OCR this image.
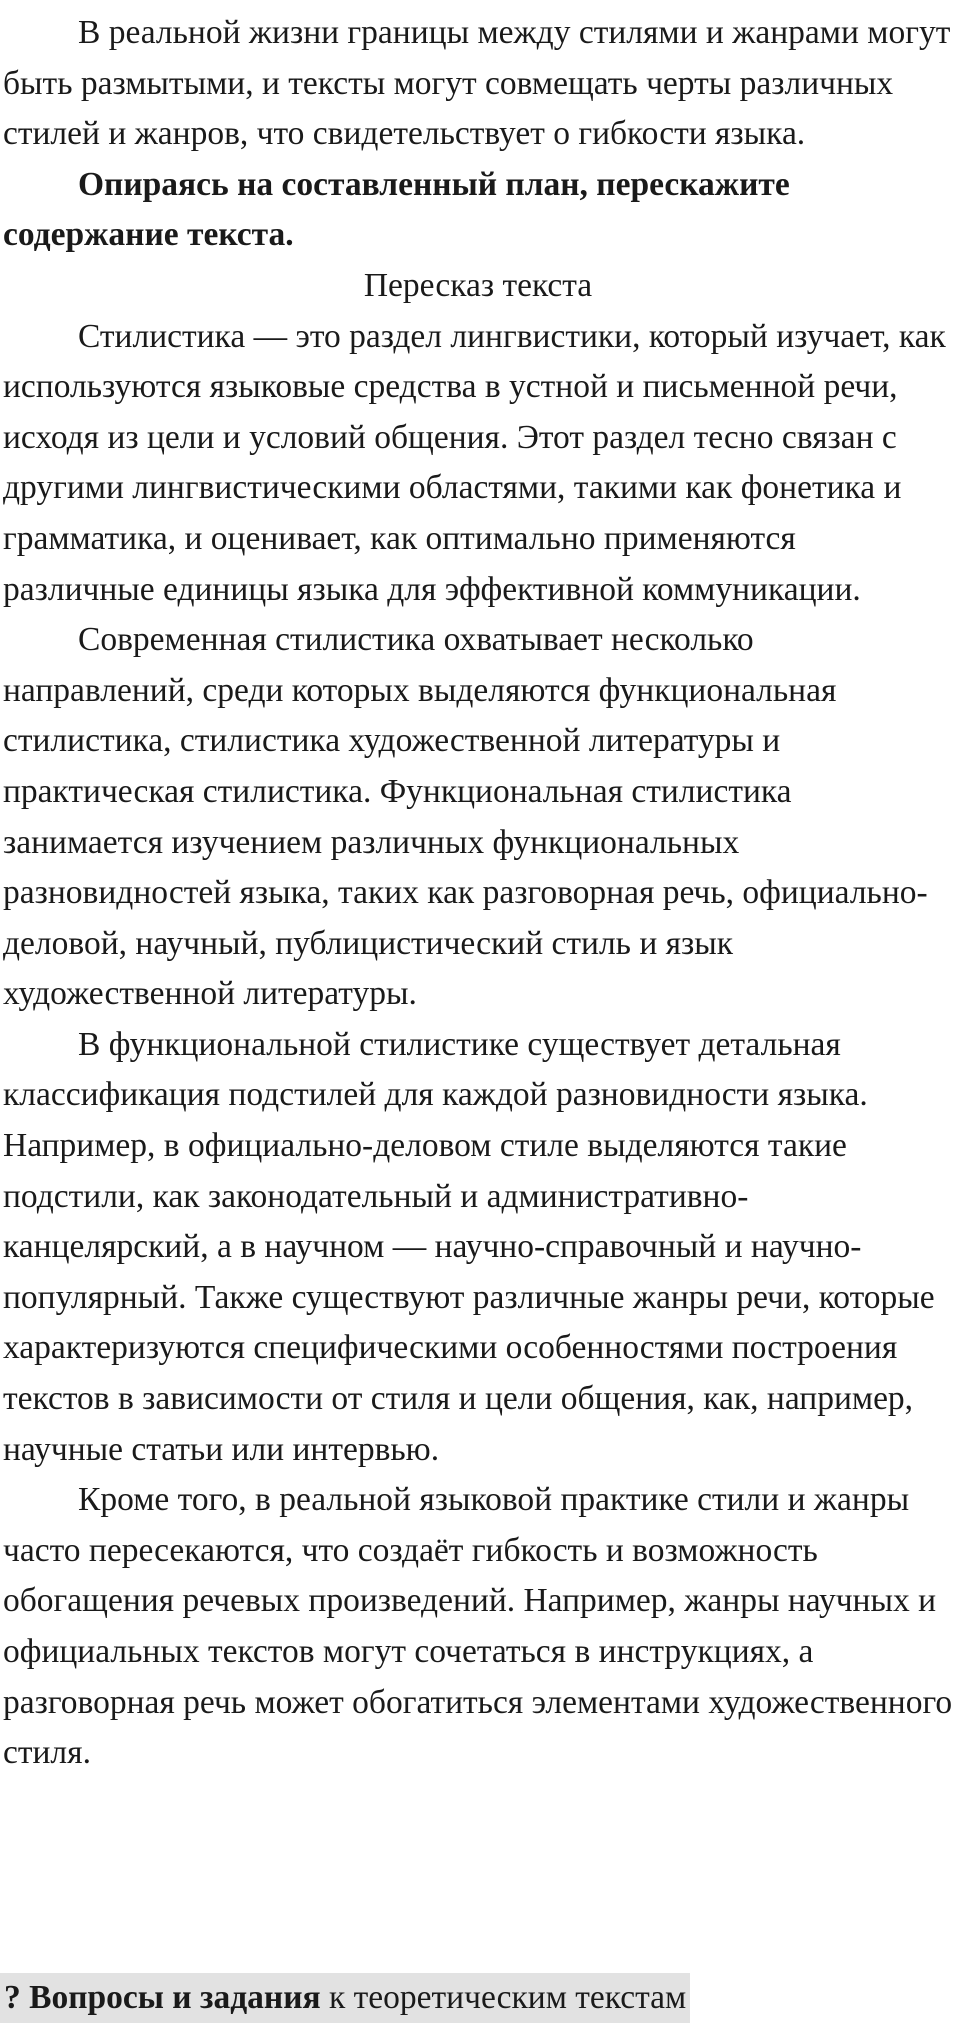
В реальной жизни границы между стилями и жанрами могут быть размытыми, и тексты могут совмещать черты различных стилей и жанров, что свидетельствует о гибкости языка.

Опираясь на составленный план, перескажите содержание текста.

Пересказ текста

Стилистика — это раздел лингвистики, который изучает, как используются языковые средства в устной и письменной речи, исходя из цели и условий общения. Этот раздел тесно связан с другими лингвистическими областями, такими как фонетика и грамматика, и оценивает, как оптимально применяются различные единицы языка для эффективной коммуникации.

Современная стилистика охватывает несколько направлений, среди которых выделяются функциональная стилистика, стилистика художественной литературы и практическая стилистика. Функциональная стилистика занимается изучением различных функциональных разновидностей языка, таких как разговорная речь, официально-деловой, научный, публицистический стиль и язык художественной литературы.

В функциональной стилистике существует детальная классификация подстилей для каждой разновидности языка. Например, в официально-деловом стиле выделяются такие подстили, как законодательный и административно-канцелярский, а в научном — научно-справочный и научно-популярный. Также существуют различные жанры речи, которые характеризуются специфическими особенностями построения текстов в зависимости от стиля и цели общения, как, например, научные статьи или интервью.

Кроме того, в реальной языковой практике стили и жанры часто пересекаются, что создаёт гибкость и возможность обогащения речевых произведений. Например, жанры научных и официальных текстов могут сочетаться в инструкциях, а разговорная речь может обогатиться элементами художественного стиля.

? Вопросы и задания к теоретическим текстам
